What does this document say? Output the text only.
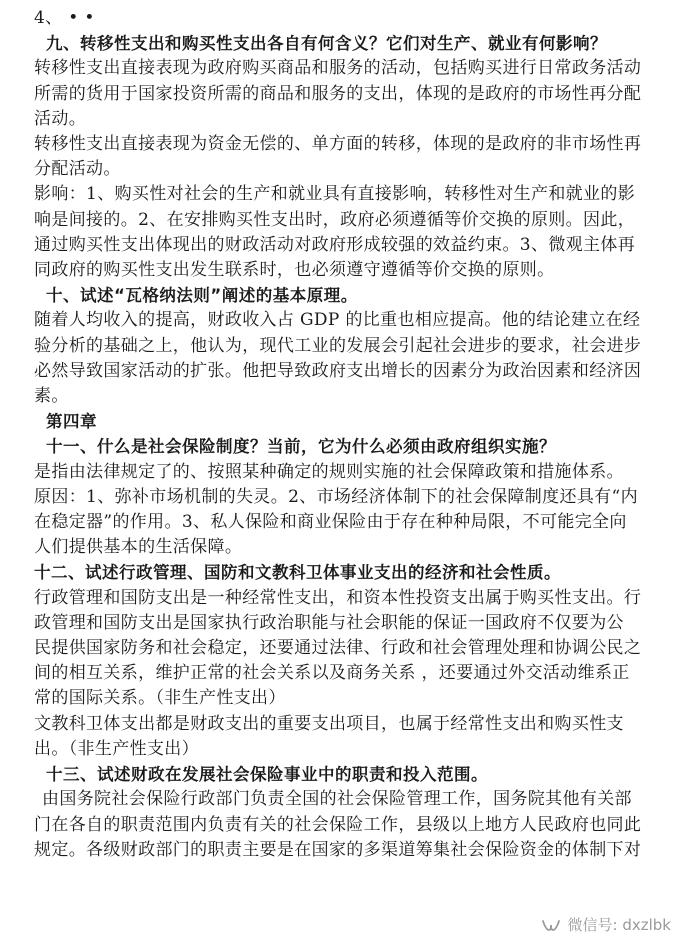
4、 • •
九、转移性支出和购买性支出各自有何含义？它们对生产、就业有何影响？
转移性支出直接表现为政府购买商品和服务的活动，包括购买进行日常政务活动
所需的货用于国家投资所需的商品和服务的支出，体现的是政府的市场性再分配
活动。
转移性支出直接表现为资金无偿的、单方面的转移，体现的是政府的非市场性再
分配活动。
影响：1、购买性对社会的生产和就业具有直接影响，转移性对生产和就业的影
响是间接的。2、在安排购买性支出时，政府必须遵循等价交换的原则。因此，
通过购买性支出体现出的财政活动对政府形成较强的效益约束。3、微观主体再
同政府的购买性支出发生联系时，也必须遵守遵循等价交换的原则。
十、试述“瓦格纳法则”阐述的基本原理。
随着人均收入的提高，财政收入占 GDP 的比重也相应提高。他的结论建立在经
验分析的基础之上，他认为，现代工业的发展会引起社会进步的要求，社会进步
必然导致国家活动的扩张。他把导致政府支出增长的因素分为政治因素和经济因
素。
第四章
十一、什么是社会保险制度？当前，它为什么必须由政府组织实施？
是指由法律规定了的、按照某种确定的规则实施的社会保障政策和措施体系。
原因：1、弥补市场机制的失灵。2、市场经济体制下的社会保障制度还具有“内
在稳定器”的作用。3、私人保险和商业保险由于存在种种局限，不可能完全向
人们提供基本的生活保障。
十二、试述行政管理、国防和文教科卫体事业支出的经济和社会性质。
行政管理和国防支出是一种经常性支出，和资本性投资支出属于购买性支出。行
政管理和国防支出是国家执行政治职能与社会职能的保证一国政府不仅要为公
民提供国家防务和社会稳定，还要通过法律、行政和社会管理处理和协调公民之
间的相互关系，维护正常的社会关系以及商务关系 ，还要通过外交活动维系正
常的国际关系。（非生产性支出）
文教科卫体支出都是财政支出的重要支出项目，也属于经常性支出和购买性支
出。（非生产性支出）
十三、试述财政在发展社会保险事业中的职责和投入范围。
由国务院社会保险行政部门负责全国的社会保险管理工作，国务院其他有关部
门在各自的职责范围内负责有关的社会保险工作，县级以上地方人民政府也同此
规定。各级财政部门的职责主要是在国家的多渠道筹集社会保险资金的体制下对
微信号: dxzlbk
